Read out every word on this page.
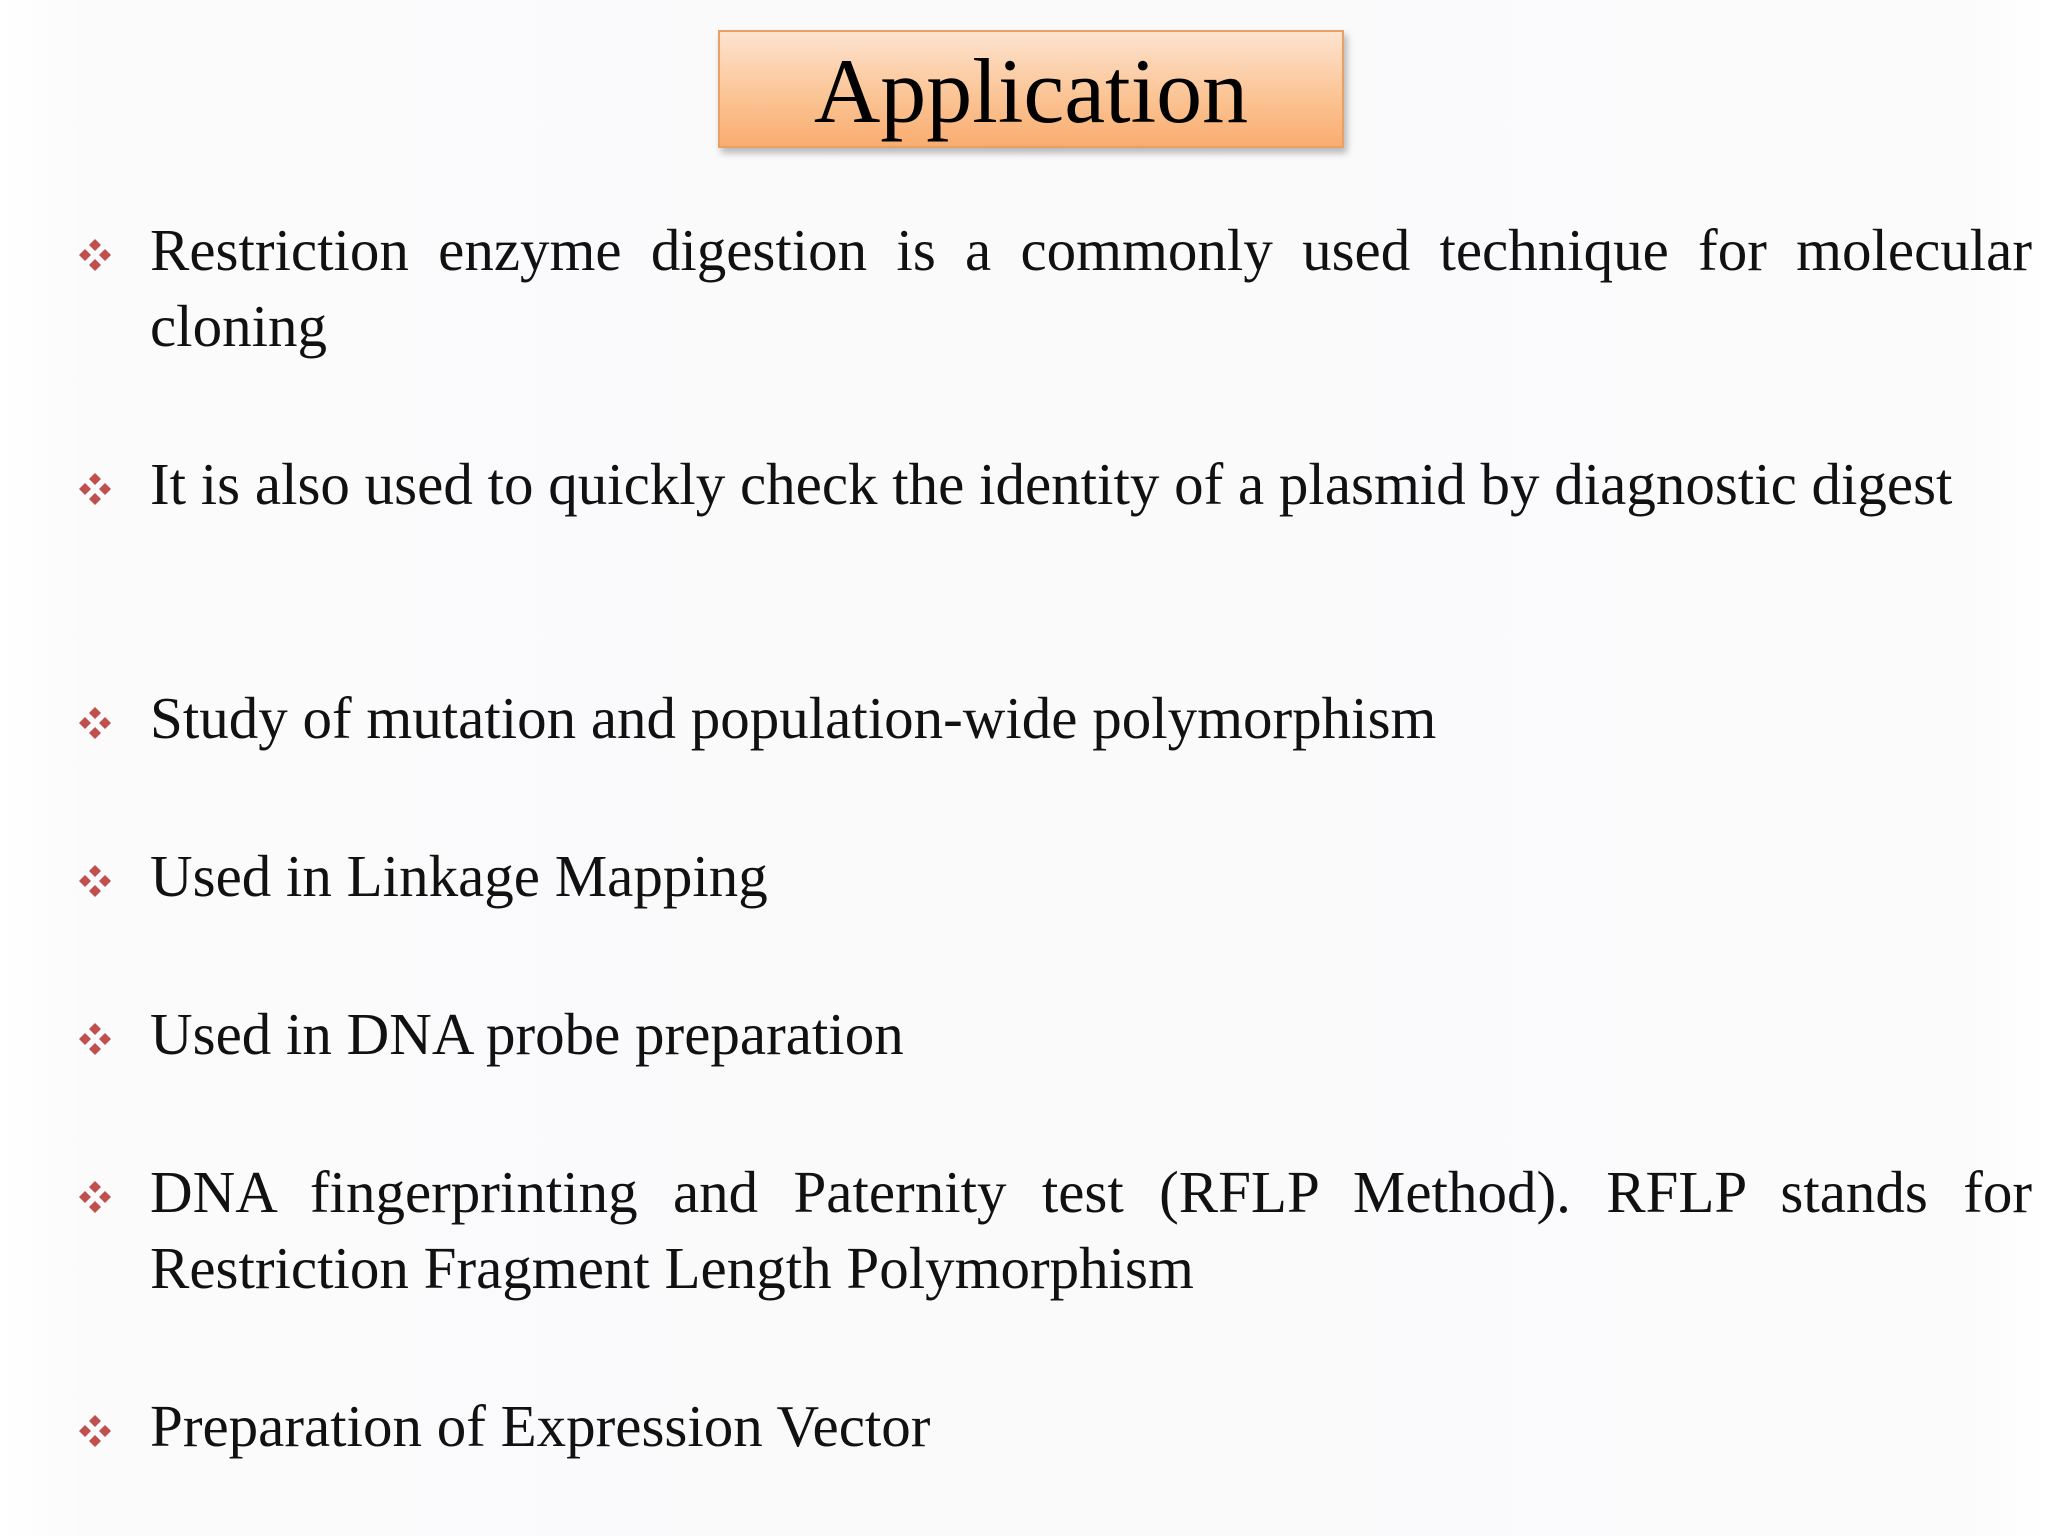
Application
Restriction enzyme digestion is a commonly used technique for molecular cloning
It is also used to quickly check the identity of a plasmid by diagnostic digest
Study of mutation and population-wide polymorphism
Used in Linkage Mapping
Used in DNA probe preparation
DNA fingerprinting and Paternity test (RFLP Method). RFLP stands for Restriction Fragment Length Polymorphism
Preparation of Expression Vector
